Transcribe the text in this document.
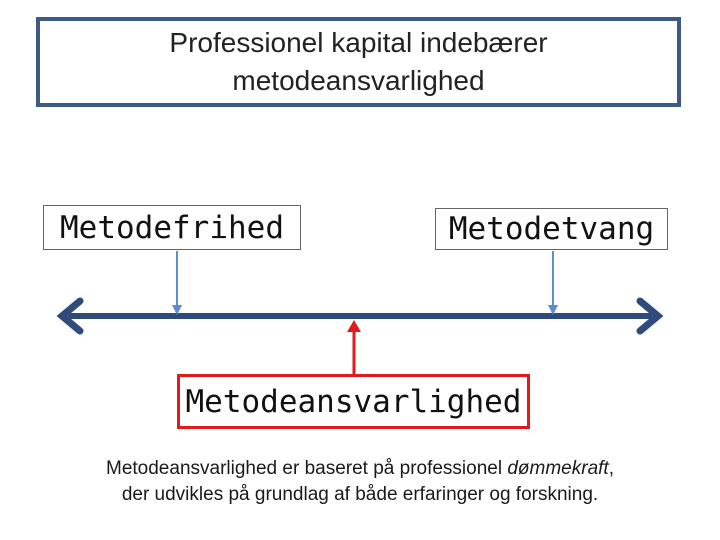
Professionel kapital indebærer
metodeansvarlighed
Metodefrihed	Metodetvang
Metodeansvarlighed
Metodeansvarlighed er baseret på professionel dømmekraft,
der udvikles på grundlag af både erfaringer og forskning.
